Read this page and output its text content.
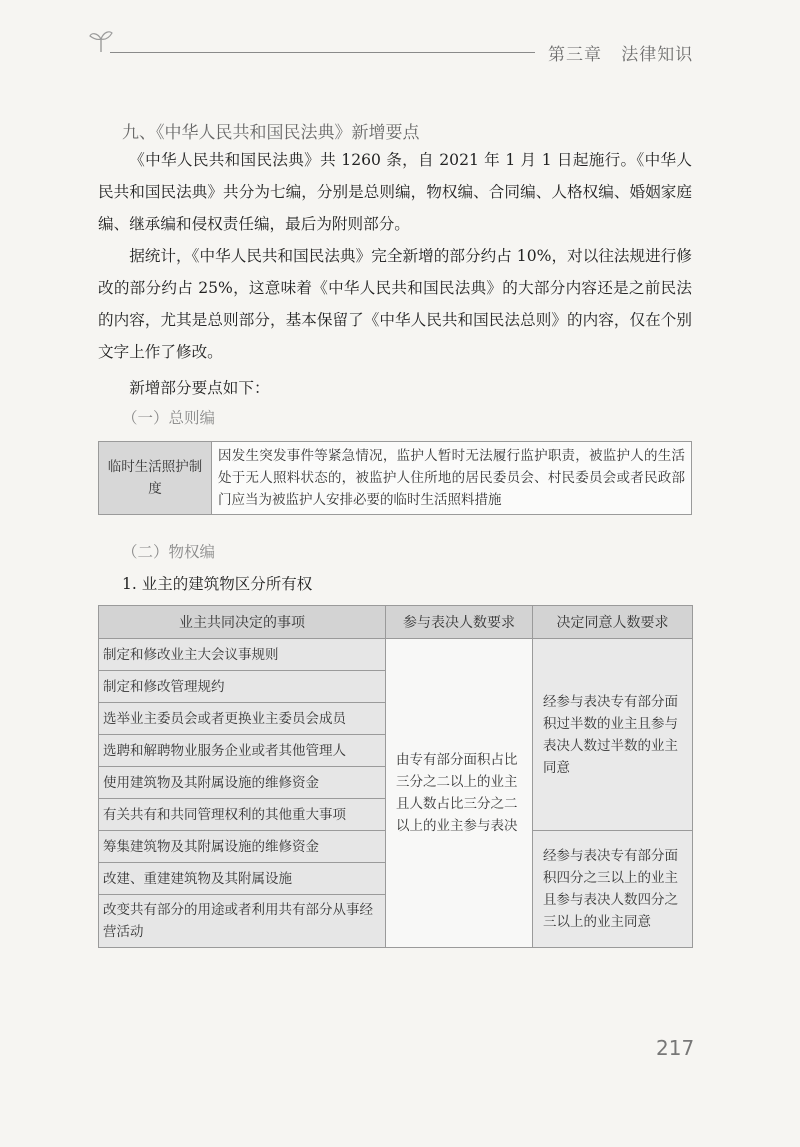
第三章 法律知识
九、《中华人民共和国民法典》新增要点

《中华人民共和国民法典》共 1260 条，自 2021 年 1 月 1 日起施行。《中华人民共和国民法典》共分为七编，分别是总则编，物权编、合同编、人格权编、婚姻家庭编、继承编和侵权责任编，最后为附则部分。

据统计，《中华人民共和国民法典》完全新增的部分约占 10%，对以往法规进行修改的部分约占 25%，这意味着《中华人民共和国民法典》的大部分内容还是之前民法的内容，尤其是总则部分，基本保留了《中华人民共和国民法总则》的内容，仅在个别文字上作了修改。

新增部分要点如下：

（一）总则编
（二）物权编
1. 业主的建筑物区分所有权
临时生活照护制度	因发生突发事件等紧急情况，监护人暂时无法履行监护职责，被监护人的生活处于无人照料状态的，被监护人住所地的居民委员会、村民委员会或者民政部门应当为被监护人安排必要的临时生活照料措施
业主共同决定的事项	参与表决人数要求	决定同意人数要求
制定和修改业主大会议事规则	由专有部分面积占比三分之二以上的业主且人数占比三分之二以上的业主参与表决	经参与表决专有部分面积过半数的业主且参与表决人数过半数的业主同意
制定和修改管理规约		
选举业主委员会或者更换业主委员会成员		
选聘和解聘物业服务企业或者其他管理人		
使用建筑物及其附属设施的维修资金		
有关共有和共同管理权利的其他重大事项		
筹集建筑物及其附属设施的维修资金		经参与表决专有部分面积四分之三以上的业主且参与表决人数四分之三以上的业主同意
改建、重建建筑物及其附属设施		
改变共有部分的用途或者利用共有部分从事经营活动		
217
